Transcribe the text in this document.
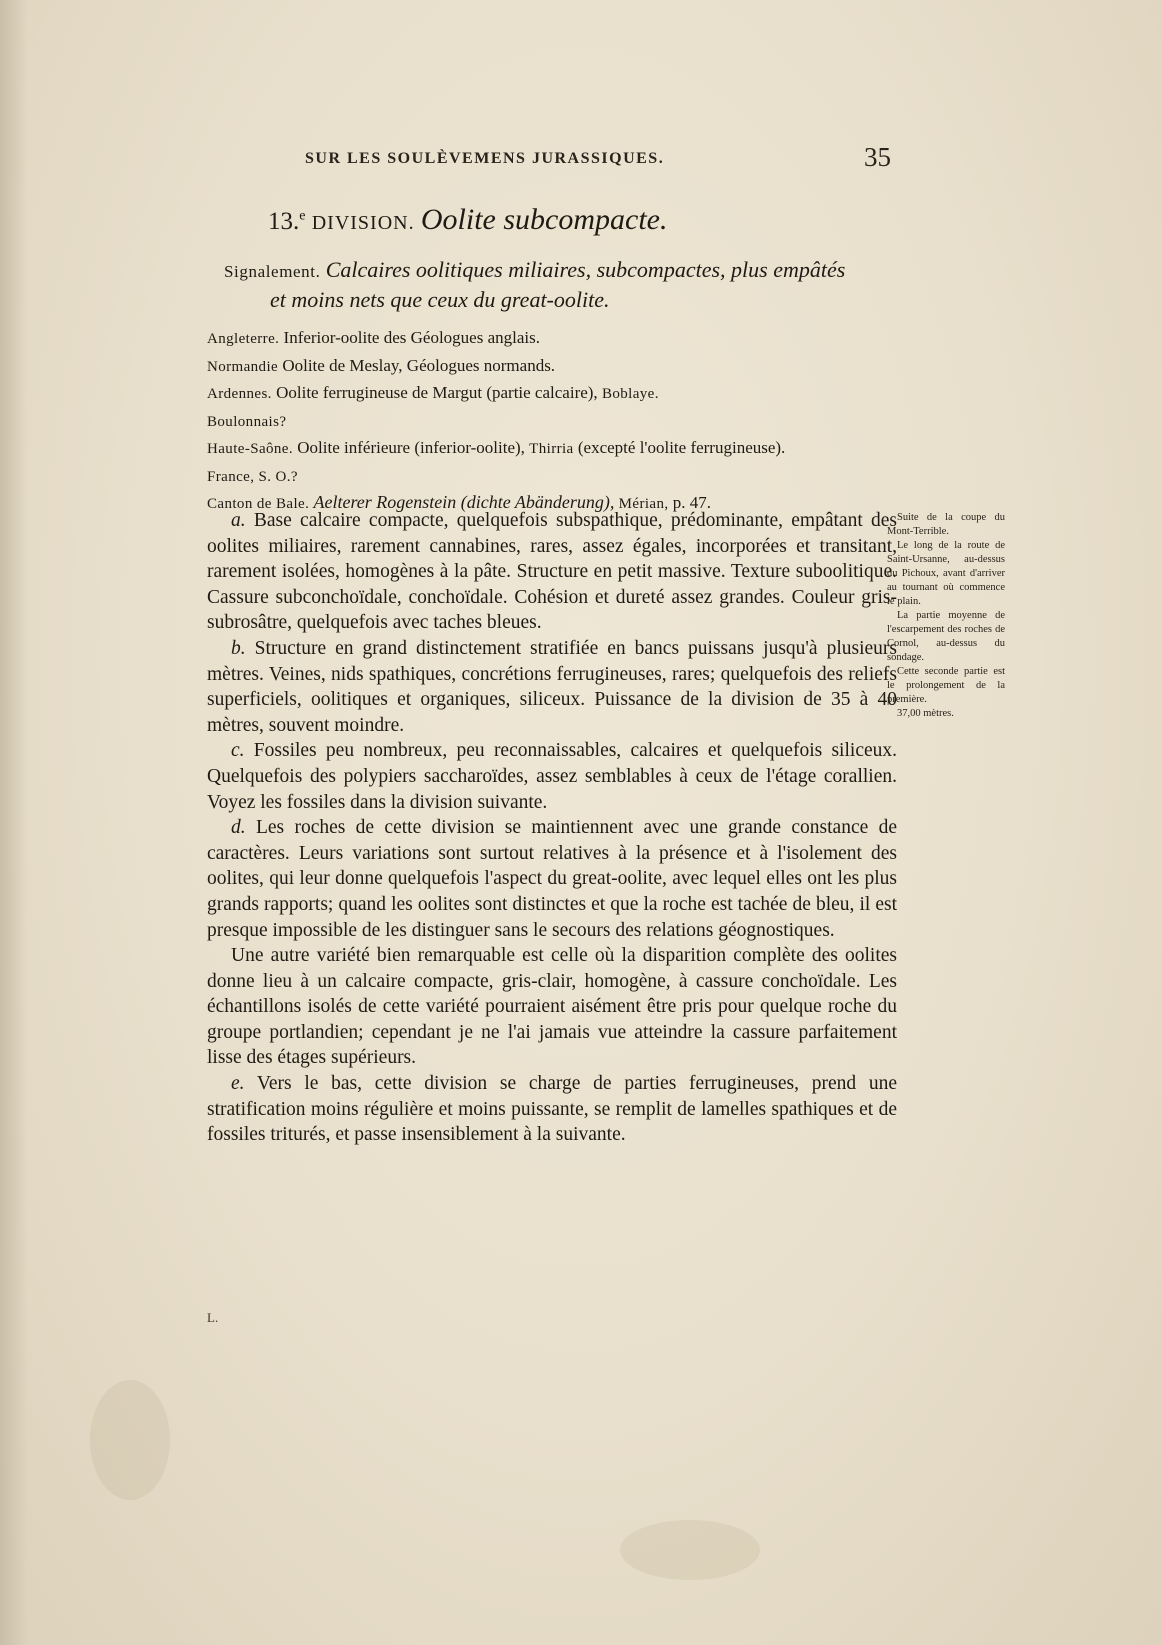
SUR LES SOULÈVEMENS JURASSIQUES.	35
13.$^e$ DIVISION. Oolite subcompacte.
Signalement. Calcaires oolitiques miliaires, subcompactes, plus empâtés
et moins nets que ceux du great-oolite.
Angleterre. Inferior-oolite des Géologues anglais.
Normandie Oolite de Meslay, Géologues normands.
Ardennes. Oolite ferrugineuse de Margut (partie calcaire), Boblaye.
Boulonnais?
Haute-Saône. Oolite inférieure (inferior-oolite), Thirria (excepté l'oolite ferrugineuse).
France, S. O.?
Canton de Bale. Aelterer Rogenstein (dichte Abänderung), Mérian, p. 47.

a. Base calcaire compacte, quelquefois subspathique, prédominante, empâtant des oolites miliaires, rarement cannabines, rares, assez égales, incorporées et transitant, rarement isolées, homogènes à la pâte. Structure en petit massive. Texture suboolitique. Cassure subconchoïdale, conchoïdale. Cohésion et dureté assez grandes. Couleur gris-subrosâtre, quelquefois avec taches bleues.

b. Structure en grand distinctement stratifiée en bancs puissans jusqu'à plusieurs mètres. Veines, nids spathiques, concrétions ferrugineuses, rares; quelquefois des reliefs superficiels, oolitiques et organiques, siliceux. Puissance de la division de 35 à 40 mètres, souvent moindre.

c. Fossiles peu nombreux, peu reconnaissables, calcaires et quelquefois siliceux. Quelquefois des polypiers saccharoïdes, assez semblables à ceux de l'étage corallien. Voyez les fossiles dans la division suivante.

d. Les roches de cette division se maintiennent avec une grande constance de caractères. Leurs variations sont surtout relatives à la présence et à l'isolement des oolites, qui leur donne quelquefois l'aspect du great-oolite, avec lequel elles ont les plus grands rapports; quand les oolites sont distinctes et que la roche est tachée de bleu, il est presque impossible de les distinguer sans le secours des relations géognostiques.

Une autre variété bien remarquable est celle où la disparition complète des oolites donne lieu à un calcaire compacte, gris-clair, homogène, à cassure conchoïdale. Les échantillons isolés de cette variété pourraient aisément être pris pour quelque roche du groupe portlandien; cependant je ne l'ai jamais vue atteindre la cassure parfaitement lisse des étages supérieurs.

e. Vers le bas, cette division se charge de parties ferrugineuses, prend une stratification moins régulière et moins puissante, se remplit de lamelles spathiques et de fossiles triturés, et passe insensiblement à la suivante.

Suite de la coupe du Mont-Terrible.

Le long de la route de Saint-Ursanne, au-dessus du Pichoux, avant d'arriver au tournant où commence le plain.

La partie moyenne de l'escarpement des roches de Cornol, au-dessus du sondage.

Cette seconde partie est le prolongement de la première.

37,00 mètres.

L.
